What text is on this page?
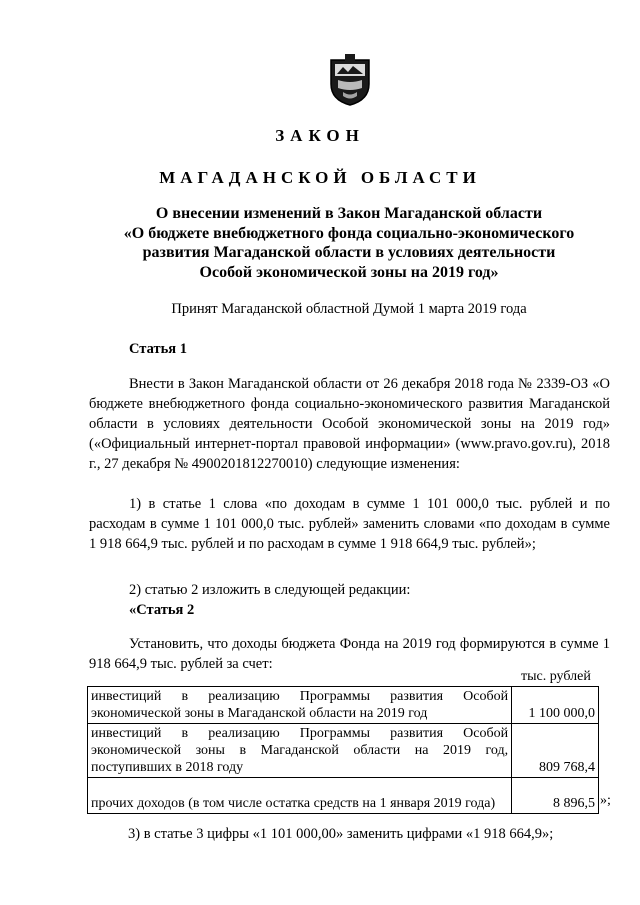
ЗАКОН
МАГАДАНСКОЙ ОБЛАСТИ
О внесении изменений в Закон Магаданской области
«О бюджете внебюджетного фонда социально-экономического
развития Магаданской области в условиях деятельности
Особой экономической зоны на 2019 год»
Принят Магаданской областной Думой 1 марта 2019 года
Статья 1
Внести в Закон Магаданской области от 26 декабря 2018 года № 2339-ОЗ «О бюджете внебюджетного фонда социально-экономического развития Магаданской области в условиях деятельности Особой экономической зоны на 2019 год» («Официальный интернет-портал правовой информации» (www.pravo.gov.ru), 2018 г., 27 декабря № 4900201812270010) следующие изменения:
1) в статье 1 слова «по доходам в сумме 1 101 000,0 тыс. рублей и по расходам в сумме 1 101 000,0 тыс. рублей» заменить словами «по доходам в сумме 1 918 664,9 тыс. рублей и по расходам в сумме 1 918 664,9 тыс. рублей»;
2) статью 2 изложить в следующей редакции:
«Статья 2
Установить, что доходы бюджета Фонда на 2019 год формируются в сумме 1 918 664,9 тыс. рублей за счет:
тыс. рублей
инвестиций в реализацию Программы развития Особой экономической зоны в Магаданской области на 2019 год	1 100 000,0
инвестиций в реализацию Программы развития Особой экономической зоны в Магаданской области на 2019 год, поступивших в 2018 году	809 768,4
прочих доходов (в том числе остатка средств на 1 января 2019 года)	8 896,5 »;
3) в статье 3 цифры «1 101 000,00» заменить цифрами «1 918 664,9»;
